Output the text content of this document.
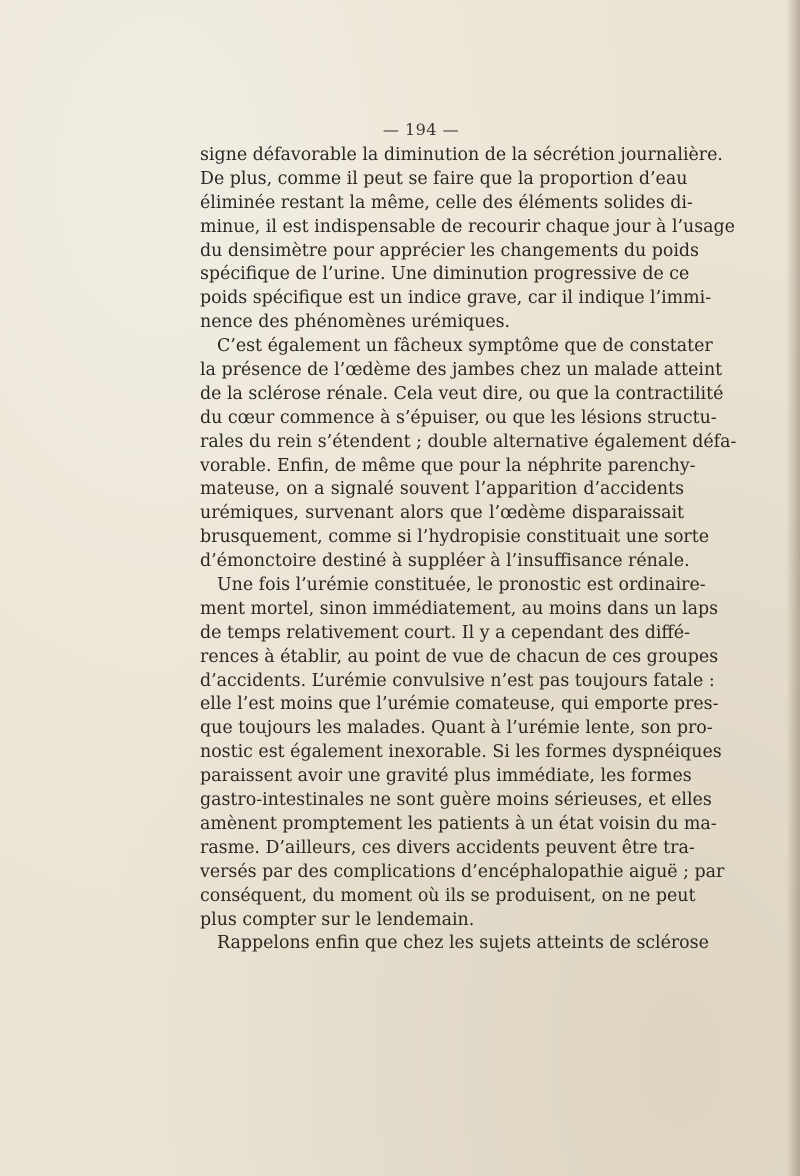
— 194 —
signe défavorable la diminution de la sécrétion journalière.
De plus, comme il peut se faire que la proportion d’eau
éliminée restant la même, celle des éléments solides di-
minue, il est indispensable de recourir chaque jour à l’usage
du densimètre pour apprécier les changements du poids
spécifique de l’urine. Une diminution progressive de ce
poids spécifique est un indice grave, car il indique l’immi-
nence des phénomènes urémiques.
C’est également un fâcheux symptôme que de constater
la présence de l’œdème des jambes chez un malade atteint
de la sclérose rénale. Cela veut dire, ou que la contractilité
du cœur commence à s’épuiser, ou que les lésions structu-
rales du rein s’étendent ; double alternative également défa-
vorable. Enfin, de même que pour la néphrite parenchy-
mateuse, on a signalé souvent l’apparition d’accidents
urémiques, survenant alors que l’œdème disparaissait
brusquement, comme si l’hydropisie constituait une sorte
d’émonctoire destiné à suppléer à l’insuffisance rénale.
Une fois l’urémie constituée, le pronostic est ordinaire-
ment mortel, sinon immédiatement, au moins dans un laps
de temps relativement court. Il y a cependant des diffé-
rences à établir, au point de vue de chacun de ces groupes
d’accidents. L’urémie convulsive n’est pas toujours fatale :
elle l’est moins que l’urémie comateuse, qui emporte pres-
que toujours les malades. Quant à l’urémie lente, son pro-
nostic est également inexorable. Si les formes dyspnéiques
paraissent avoir une gravité plus immédiate, les formes
gastro-intestinales ne sont guère moins sérieuses, et elles
amènent promptement les patients à un état voisin du ma-
rasme. D’ailleurs, ces divers accidents peuvent être tra-
versés par des complications d’encéphalopathie aiguë ; par
conséquent, du moment où ils se produisent, on ne peut
plus compter sur le lendemain.
Rappelons enfin que chez les sujets atteints de sclérose
